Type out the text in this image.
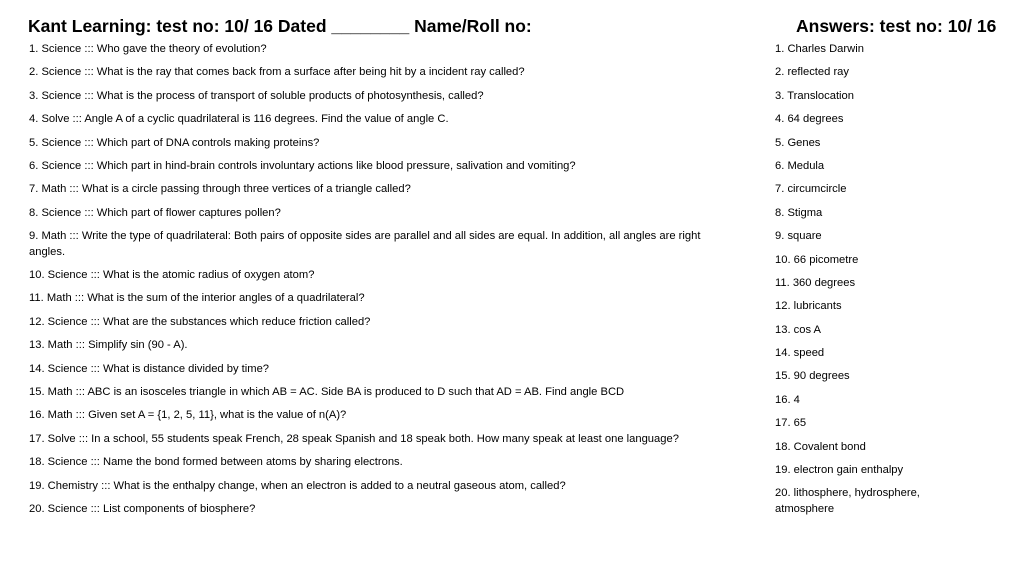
Kant Learning: test no: 10/ 16 Dated ________ Name/Roll no:	Answers: test no: 10/ 16
1. Science ::: Who gave the theory of evolution?
2. Science ::: What is the ray that comes back from a surface after being hit by a incident ray called?
3. Science ::: What is the process of transport of soluble products of photosynthesis, called?
4. Solve ::: Angle A of a cyclic quadrilateral is 116 degrees. Find the value of angle C.
5. Science ::: Which part of DNA controls making proteins?
6. Science ::: Which part in hind-brain controls involuntary actions like blood pressure, salivation and vomiting?
7. Math ::: What is a circle passing through three vertices of a triangle called?
8. Science ::: Which part of flower captures pollen?
9. Math ::: Write the type of quadrilateral: Both pairs of opposite sides are parallel and all sides are equal. In addition, all angles are right angles.
10. Science ::: What is the atomic radius of oxygen atom?
11. Math ::: What is the sum of the interior angles of a quadrilateral?
12. Science ::: What are the substances which reduce friction called?
13. Math ::: Simplify sin (90 - A).
14. Science ::: What is distance divided by time?
15. Math ::: ABC is an isosceles triangle in which AB = AC. Side BA is produced to D such that AD = AB. Find angle BCD
16. Math ::: Given set A = {1, 2, 5, 11}, what is the value of n(A)?
17. Solve ::: In a school, 55 students speak French, 28 speak Spanish and 18 speak both. How many speak at least one language?
18. Science ::: Name the bond formed between atoms by sharing electrons.
19. Chemistry ::: What is the enthalpy change, when an electron is added to a neutral gaseous atom, called?
20. Science ::: List components of biosphere?
1. Charles Darwin
2. reflected ray
3. Translocation
4. 64 degrees
5. Genes
6. Medula
7. circumcircle
8. Stigma
9. square
10. 66 picometre
11. 360 degrees
12. lubricants
13. cos A
14. speed
15. 90 degrees
16. 4
17. 65
18. Covalent bond
19. electron gain enthalpy
20. lithosphere, hydrosphere, atmosphere
